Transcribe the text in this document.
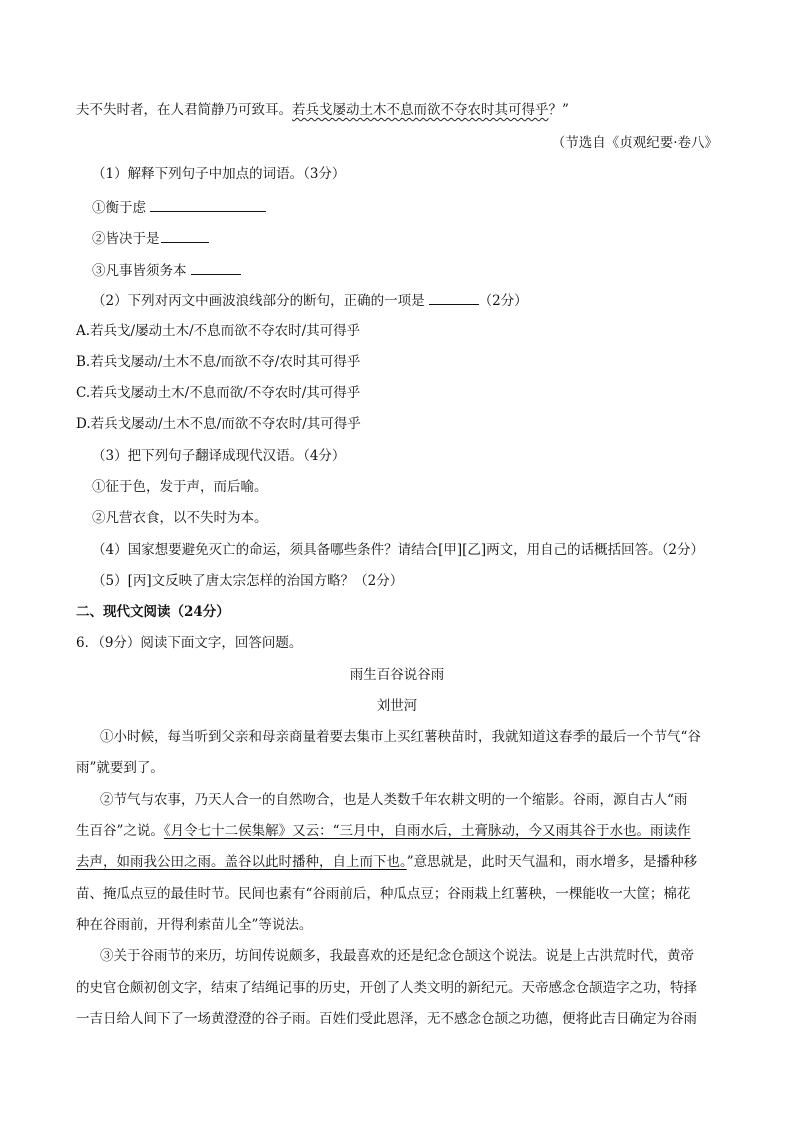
夫不失时者，在人君简静乃可致耳。若兵戈屡动土木不息而欲不夺农时其可得乎？”
（节选自《贞观纪要·卷八》
（1）解释下列句子中加点的词语。（3分）
①衡于虑
②皆决于是
③凡事皆须务本
（2）下列对丙文中画波浪线部分的断句，正确的一项是	（2分）
A.若兵戈/屡动土木/不息而欲不夺农时/其可得乎
B.若兵戈屡动/土木不息/而欲不夺/农时其可得乎
C.若兵戈屡动土木/不息而欲/不夺农时/其可得乎
D.若兵戈屡动/土木不息/而欲不夺农时/其可得乎
（3）把下列句子翻译成现代汉语。（4分）
①征于色，发于声，而后喻。
②凡营衣食，以不失时为本。
（4）国家想要避免灭亡的命运，须具备哪些条件？请结合[甲][乙]两文，用自己的话概括回答。（2分）
（5）[丙]文反映了唐太宗怎样的治国方略？（2分）
二、现代文阅读（24分）
6．（9分）阅读下面文字，回答问题。
雨生百谷说谷雨
刘世河
①小时候，每当听到父亲和母亲商量着要去集市上买红薯秧苗时，我就知道这春季的最后一个节气“谷
雨”就要到了。
②节气与农事，乃天人合一的自然吻合，也是人类数千年农耕文明的一个缩影。谷雨，源自古人“雨
生百谷”之说。《月令七十二侯集解》又云：“三月中，自雨水后，土膏脉动，今又雨其谷于水也。雨读作
去声，如雨我公田之雨。盖谷以此时播种，自上而下也。”意思就是，此时天气温和，雨水增多，是播种移
苗、掩瓜点豆的最佳时节。民间也素有“谷雨前后，种瓜点豆；谷雨栽上红薯秧，一棵能收一大筐；棉花
种在谷雨前，开得利索苗儿全”等说法。
③关于谷雨节的来历，坊间传说颇多，我最喜欢的还是纪念仓颉这个说法。说是上古洪荒时代，黄帝
的史官仓颇初创文字，结束了结绳记事的历史，开创了人类文明的新纪元。天帝感念仓颉造字之功，特择
一吉日给人间下了一场黄澄澄的谷子雨。百姓们受此恩泽，无不感念仓颉之功德，便将此吉日确定为谷雨
